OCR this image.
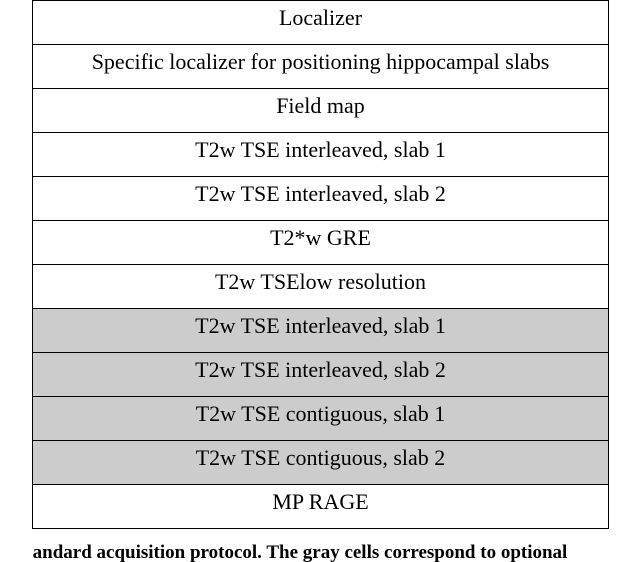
Localizer
Specific localizer for positioning hippocampal slabs
Field map
T2w TSE interleaved, slab 1
T2w TSE interleaved, slab 2
T2*w GRE
T2w TSElow resolution
T2w TSE interleaved, slab 1
T2w TSE interleaved, slab 2
T2w TSE contiguous, slab 1
T2w TSE contiguous, slab 2
MP RAGE
andard acquisition protocol. The gray cells correspond to optional
